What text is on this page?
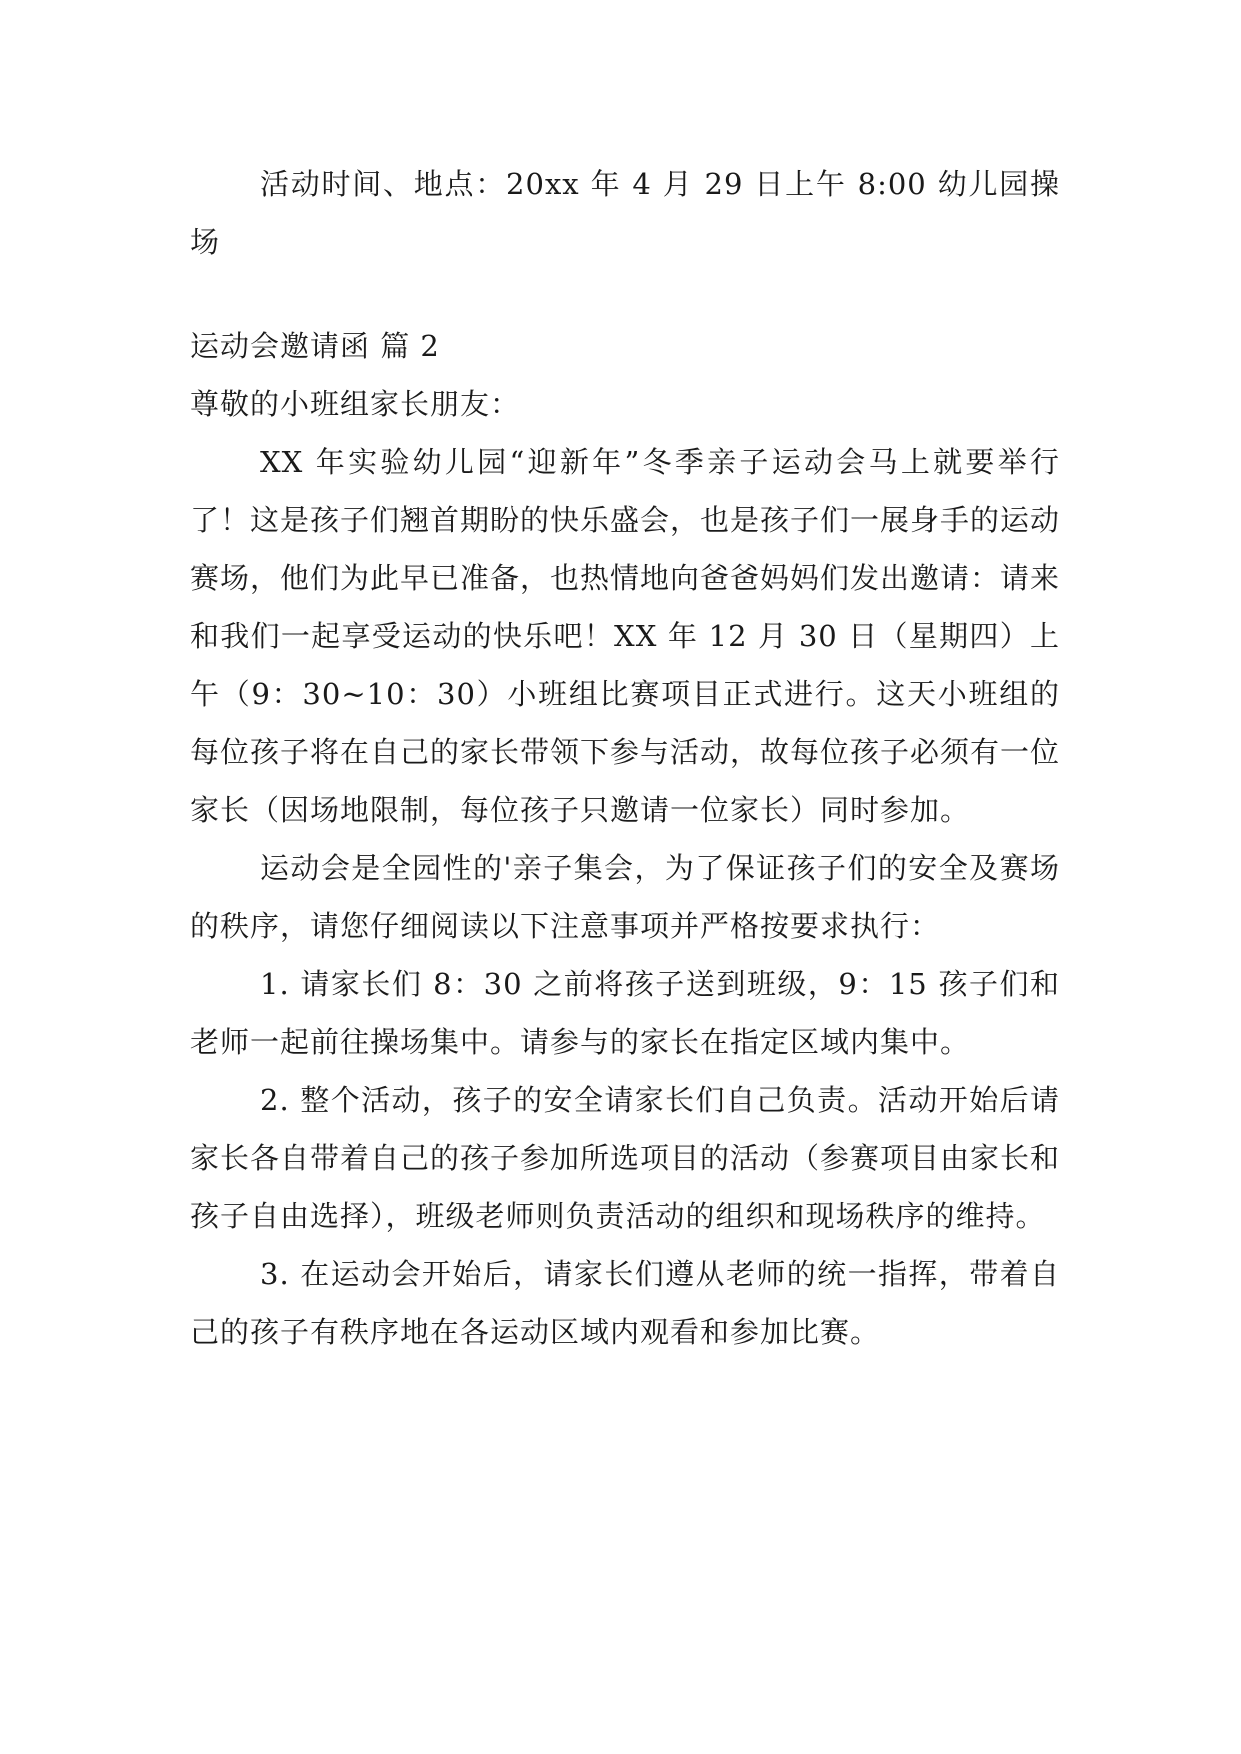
活动时间、地点：20xx 年 4 月 29 日上午 8:00 幼儿园操场

运动会邀请函 篇 2

尊敬的小班组家长朋友：

XX 年实验幼儿园“迎新年”冬季亲子运动会马上就要举行了！这是孩子们翘首期盼的快乐盛会，也是孩子们一展身手的运动赛场，他们为此早已准备，也热情地向爸爸妈妈们发出邀请：请来和我们一起享受运动的快乐吧！XX 年 12 月 30 日（星期四）上午（9：30~10：30）小班组比赛项目正式进行。这天小班组的每位孩子将在自己的家长带领下参与活动，故每位孩子必须有一位家长（因场地限制，每位孩子只邀请一位家长）同时参加。

运动会是全园性的'亲子集会，为了保证孩子们的安全及赛场的秩序，请您仔细阅读以下注意事项并严格按要求执行：

1. 请家长们 8：30 之前将孩子送到班级，9：15 孩子们和老师一起前往操场集中。请参与的家长在指定区域内集中。

2. 整个活动，孩子的安全请家长们自己负责。活动开始后请家长各自带着自己的孩子参加所选项目的活动（参赛项目由家长和孩子自由选择），班级老师则负责活动的组织和现场秩序的维持。

3. 在运动会开始后，请家长们遵从老师的统一指挥，带着自己的孩子有秩序地在各运动区域内观看和参加比赛。
